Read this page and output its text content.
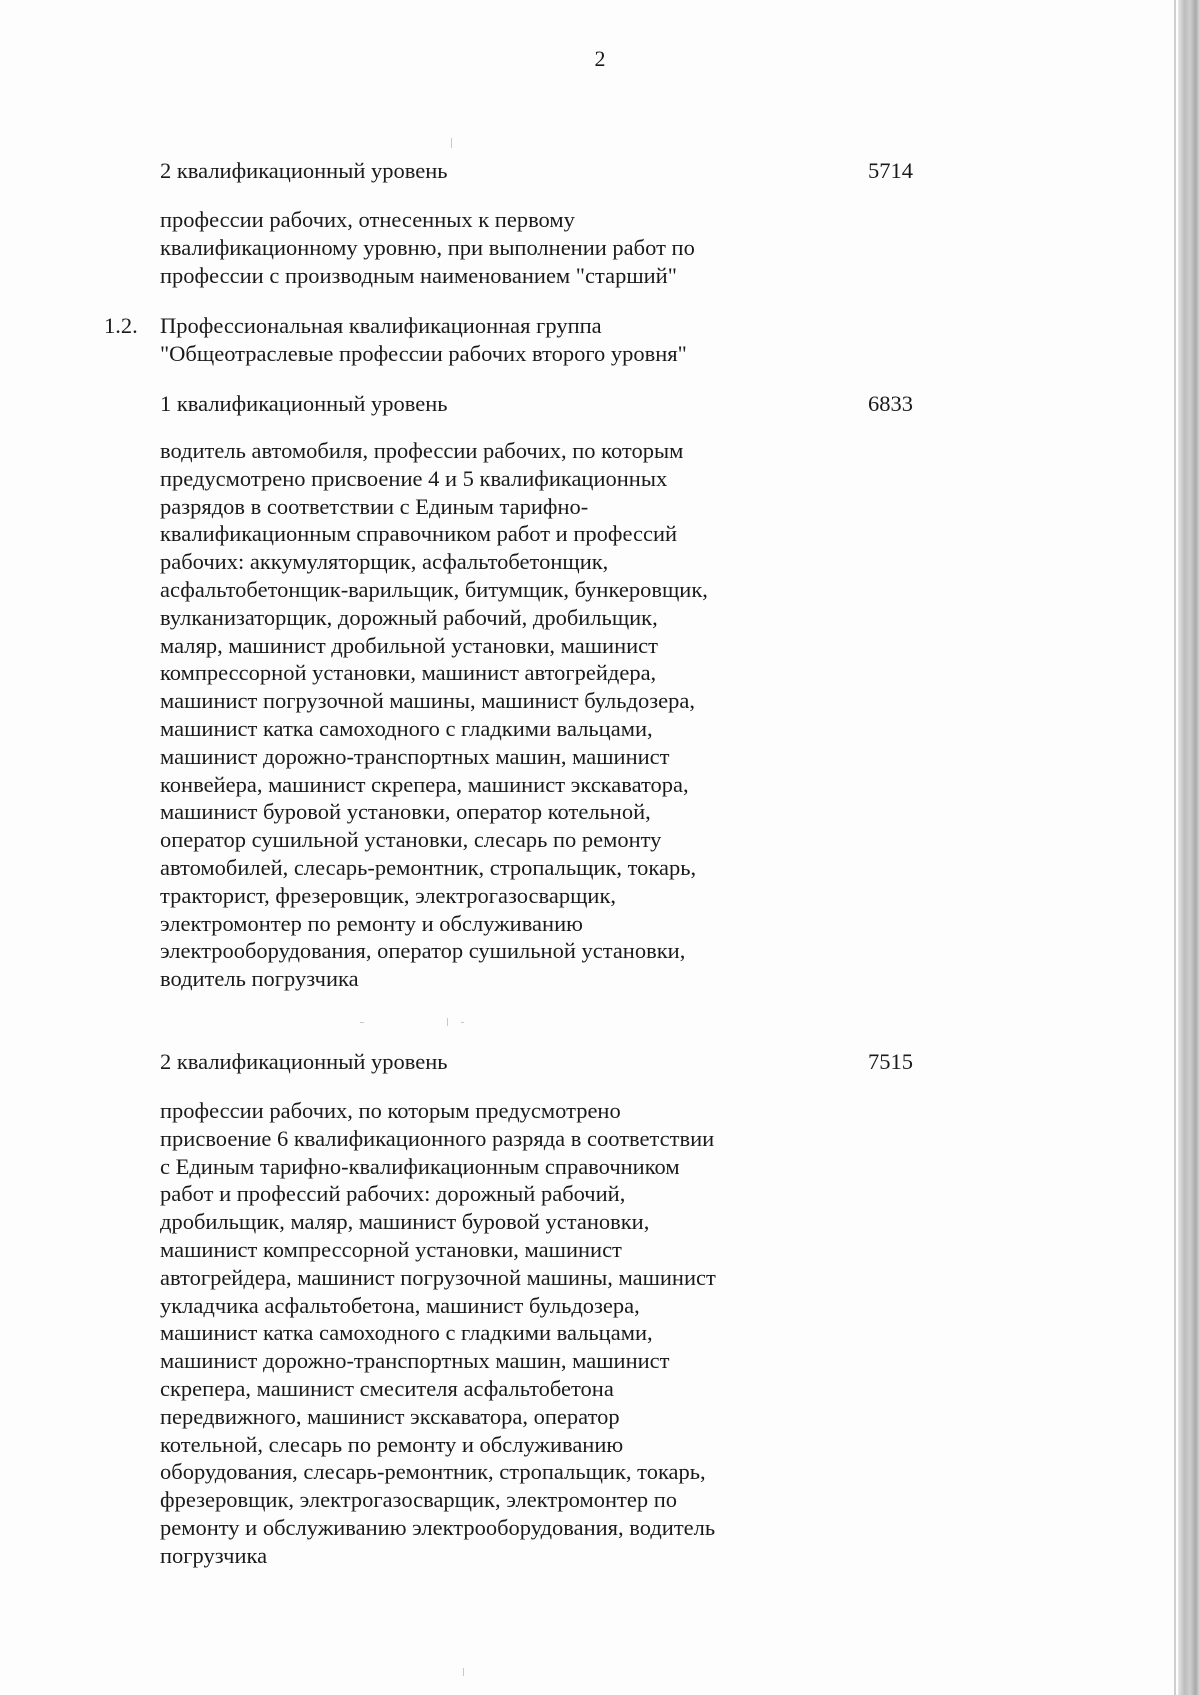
2
2 квалификационный уровень	5714
профессии рабочих, отнесенных к первому
квалификационному уровню, при выполнении работ по
профессии с производным наименованием "старший"
1.2. Профессиональная квалификационная группа
"Общеотраслевые профессии рабочих второго уровня"
1 квалификационный уровень	6833
водитель автомобиля, профессии рабочих, по которым
предусмотрено присвоение 4 и 5 квалификационных
разрядов в соответствии с Единым тарифно-
квалификационным справочником работ и профессий
рабочих: аккумуляторщик, асфальтобетонщик,
асфальтобетонщик-варильщик, битумщик, бункеровщик,
вулканизаторщик, дорожный рабочий, дробильщик,
маляр, машинист дробильной установки, машинист
компрессорной установки, машинист автогрейдера,
машинист погрузочной машины, машинист бульдозера,
машинист катка самоходного с гладкими вальцами,
машинист дорожно-транспортных машин, машинист
конвейера, машинист скрепера, машинист экскаватора,
машинист буровой установки, оператор котельной,
оператор сушильной установки, слесарь по ремонту
автомобилей, слесарь-ремонтник, стропальщик, токарь,
тракторист, фрезеровщик, электрогазосварщик,
электромонтер по ремонту и обслуживанию
электрооборудования, оператор сушильной установки,
водитель погрузчика
2 квалификационный уровень	7515
профессии рабочих, по которым предусмотрено
присвоение 6 квалификационного разряда в соответствии
с Единым тарифно-квалификационным справочником
работ и профессий рабочих: дорожный рабочий,
дробильщик, маляр, машинист буровой установки,
машинист компрессорной установки, машинист
автогрейдера, машинист погрузочной машины, машинист
укладчика асфальтобетона, машинист бульдозера,
машинист катка самоходного с гладкими вальцами,
машинист дорожно-транспортных машин, машинист
скрепера, машинист смесителя асфальтобетона
передвижного, машинист экскаватора, оператор
котельной, слесарь по ремонту и обслуживанию
оборудования, слесарь-ремонтник, стропальщик, токарь,
фрезеровщик, электрогазосварщик, электромонтер по
ремонту и обслуживанию электрооборудования, водитель
погрузчика
